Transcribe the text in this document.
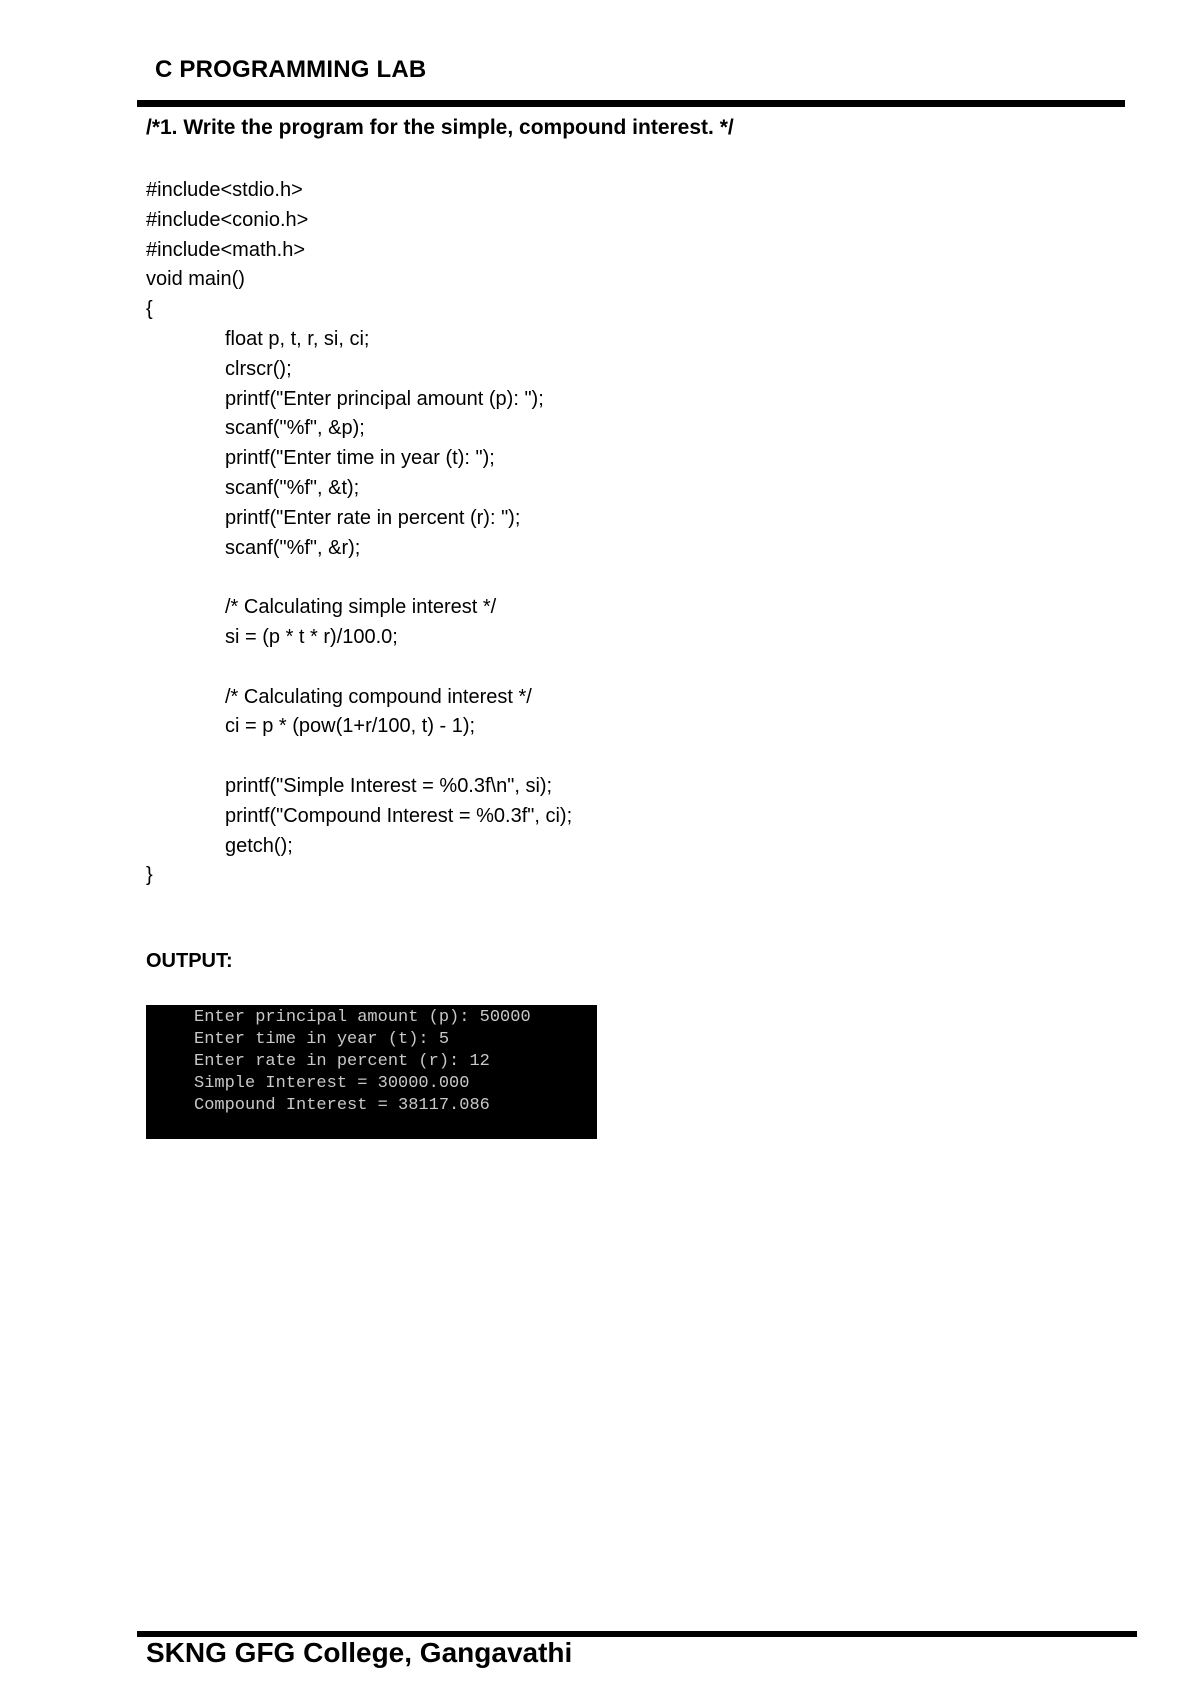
C PROGRAMMING LAB

/*1. Write the program for the simple, compound interest. */

#include<stdio.h>
#include<conio.h>
#include<math.h>
void main()
{
float p, t, r, si, ci;
clrscr();
printf("Enter principal amount (p): ");
scanf("%f", &p);
printf("Enter time in year (t): ");
scanf("%f", &t);
printf("Enter rate in percent (r): ");
scanf("%f", &r);
/* Calculating simple interest */
si = (p * t * r)/100.0;
/* Calculating compound interest */
ci = p * (pow(1+r/100, t) - 1);
printf("Simple Interest = %0.3f\n", si);
printf("Compound Interest = %0.3f", ci);
getch();
}
OUTPUT:
Enter principal amount (p): 50000
Enter time in year (t): 5
Enter rate in percent (r): 12
Simple Interest = 30000.000
Compound Interest = 38117.086
SKNG GFG College, Gangavathi
